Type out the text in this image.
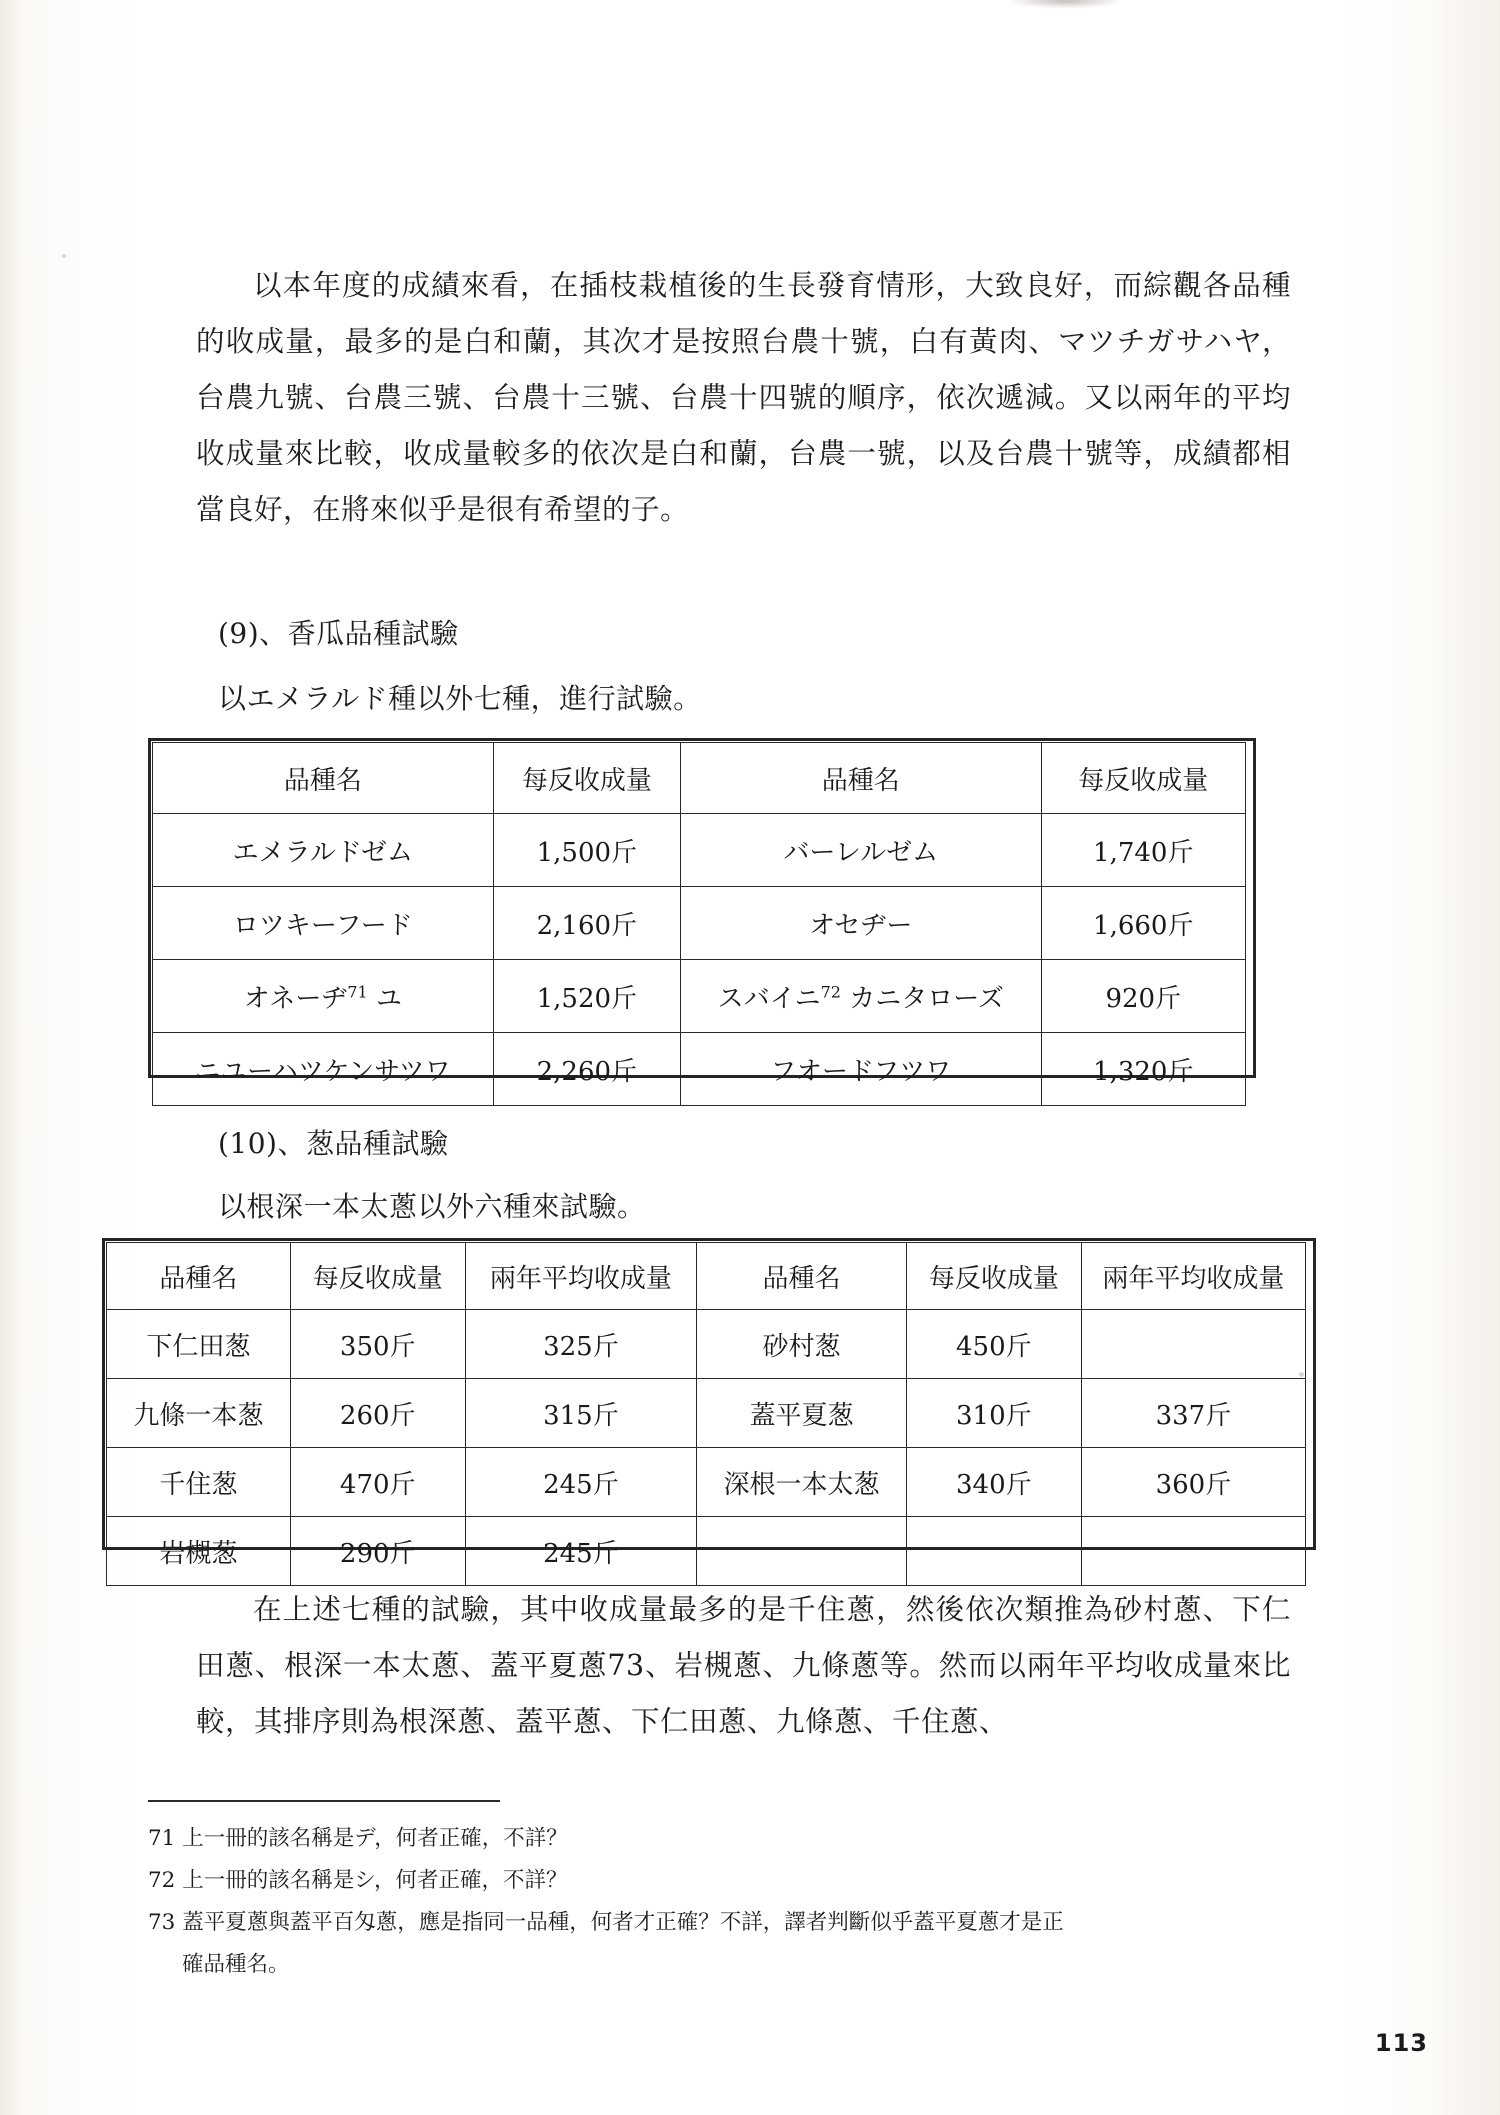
以本年度的成績來看，在插枝栽植後的生長發育情形，大致良好，而綜觀各品種的收成量，最多的是白和蘭，其次才是按照台農十號，白有黃肉、マツチガサハヤ，台農九號、台農三號、台農十三號、台農十四號的順序，依次遞減。又以兩年的平均收成量來比較，收成量較多的依次是白和蘭，台農一號，以及台農十號等，成績都相當良好，在將來似乎是很有希望的子。

(9)、香瓜品種試驗
以エメラルド種以外七種，進行試驗。
品種名	每反收成量	品種名	每反收成量
エメラルドゼム	1,500斤	バーレルゼム	1,740斤
ロツキーフード	2,160斤	オセヂー	1,660斤
オネーヂ$^{71}$ ユ	1,520斤	スバイニ$^{72}$ カニタローズ	920斤
ニユーハツケンサツワ	2,260斤	フオードフツワ	1,320斤
(10)、葱品種試驗
以根深一本太蔥以外六種來試驗。
品種名	每反收成量	兩年平均收成量	品種名	每反收成量	兩年平均收成量
下仁田葱	350斤	325斤	砂村葱	450斤	
九條一本葱	260斤	315斤	蓋平夏葱	310斤	337斤
千住葱	470斤	245斤	深根一本太葱	340斤	360斤
岩槻葱	290斤	245斤			

在上述七種的試驗，其中收成量最多的是千住蔥，然後依次類推為砂村蔥、下仁田蔥、根深一本太蔥、蓋平夏蔥73、岩槻蔥、九條蔥等。然而以兩年平均收成量來比較，其排序則為根深蔥、蓋平蔥、下仁田蔥、九條蔥、千住蔥、

71 上一冊的該名稱是デ，何者正確，不詳？

72 上一冊的該名稱是シ，何者正確，不詳？

73 蓋平夏蔥與蓋平百匁蔥，應是指同一品種，何者才正確？不詳，譯者判斷似乎蓋平夏蔥才是正
確品種名。

113
